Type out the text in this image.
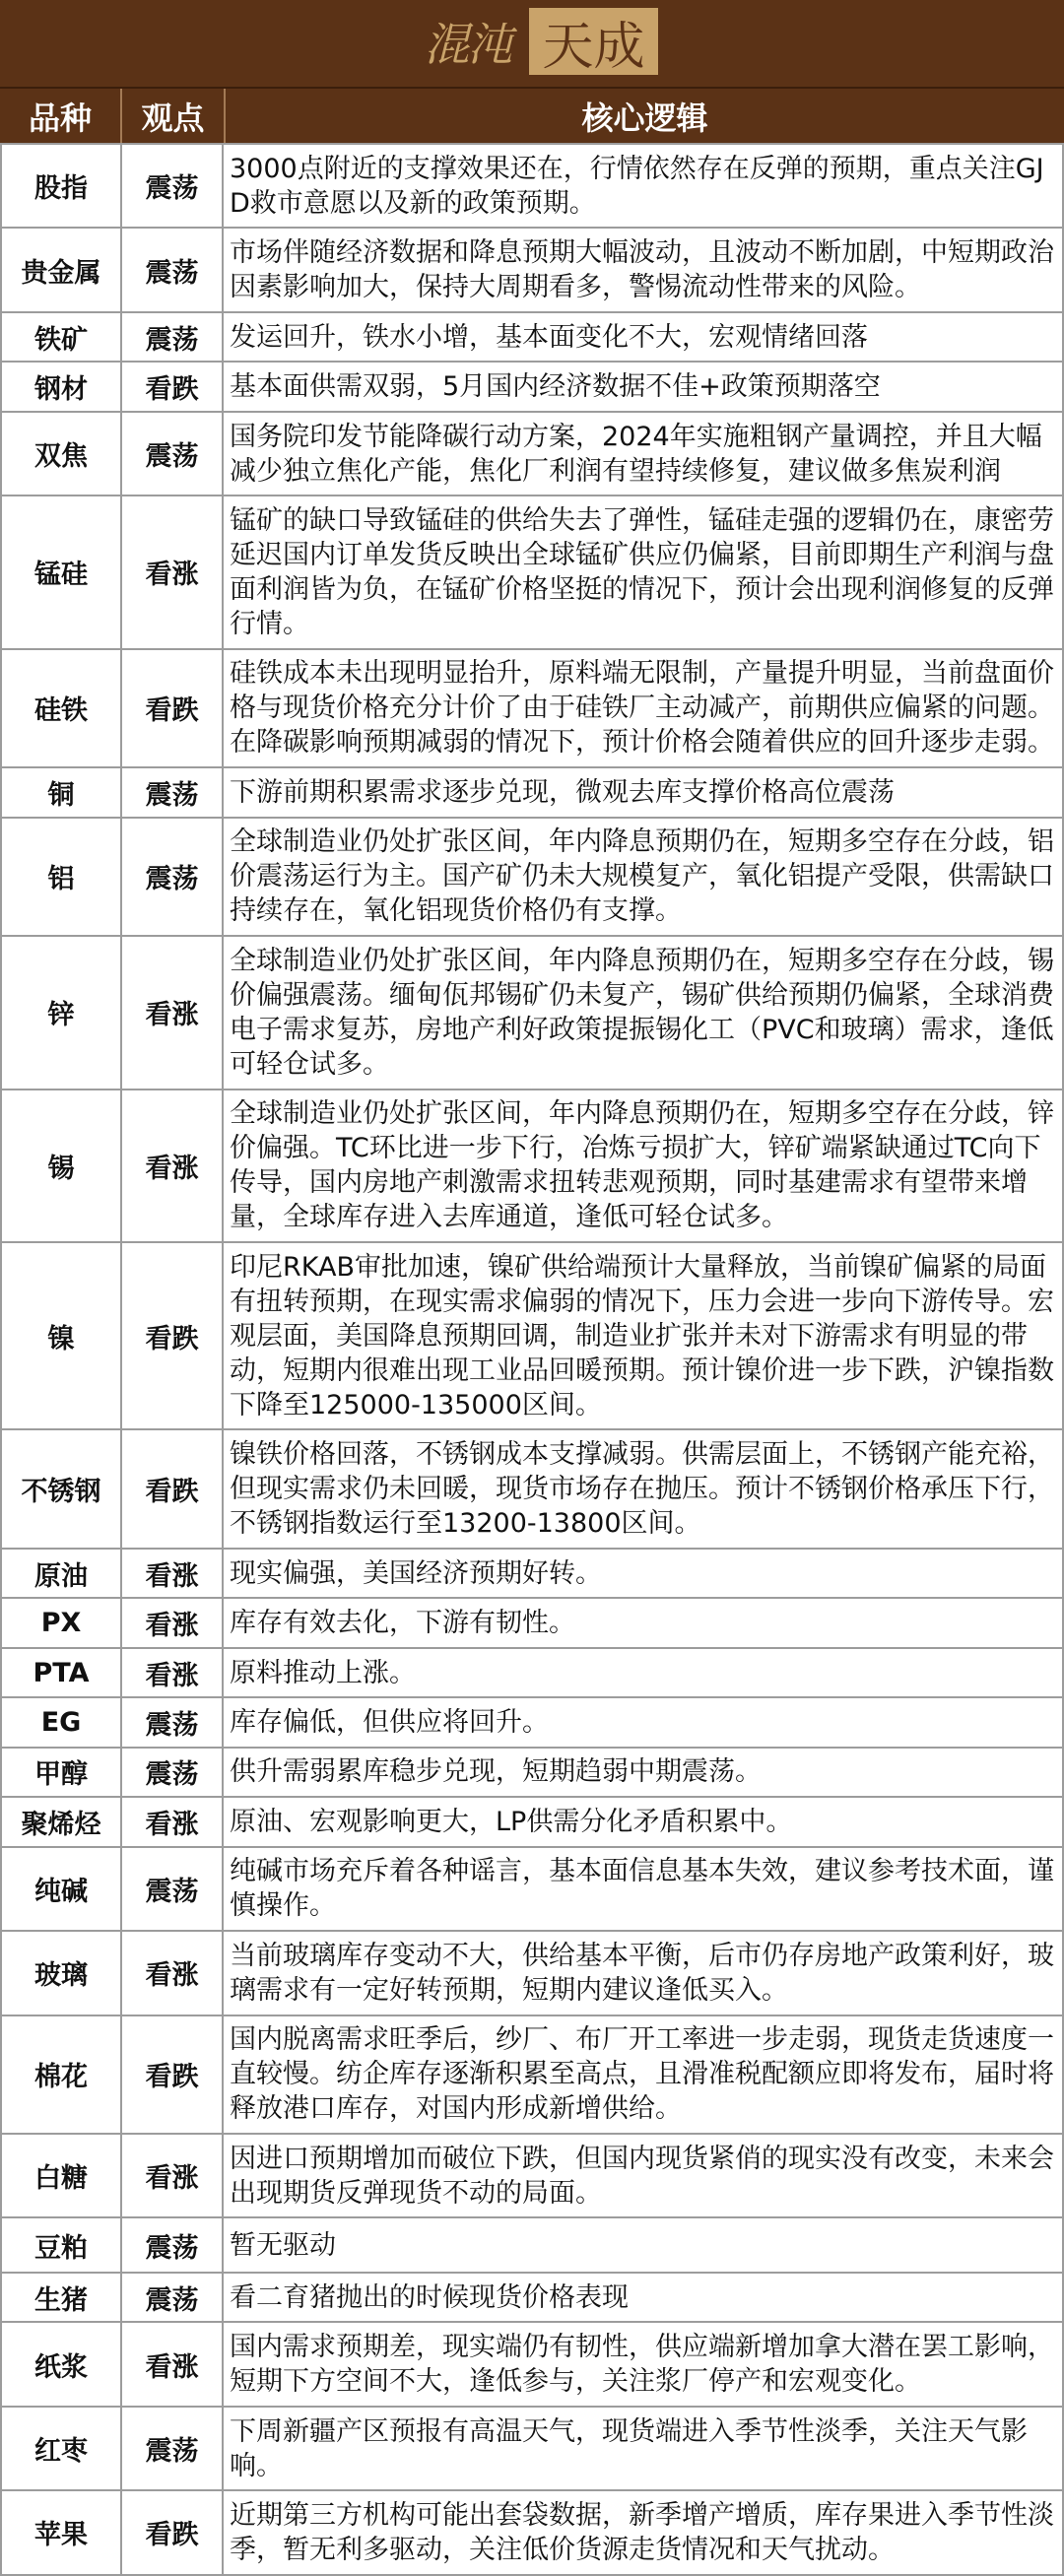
混沌 天成
品种	观点	核心逻辑
股指	震荡	3000点附近的支撑效果还在，行情依然存在反弹的预期，重点关注GJD救市意愿以及新的政策预期。
贵金属	震荡	市场伴随经济数据和降息预期大幅波动，且波动不断加剧，中短期政治因素影响加大，保持大周期看多，警惕流动性带来的风险。
铁矿	震荡	发运回升，铁水小增，基本面变化不大，宏观情绪回落
钢材	看跌	基本面供需双弱，5月国内经济数据不佳+政策预期落空
双焦	震荡	国务院印发节能降碳行动方案，2024年实施粗钢产量调控，并且大幅减少独立焦化产能，焦化厂利润有望持续修复，建议做多焦炭利润
锰硅	看涨	锰矿的缺口导致锰硅的供给失去了弹性，锰硅走强的逻辑仍在，康密劳延迟国内订单发货反映出全球锰矿供应仍偏紧，目前即期生产利润与盘面利润皆为负，在锰矿价格坚挺的情况下，预计会出现利润修复的反弹行情。
硅铁	看跌	硅铁成本未出现明显抬升，原料端无限制，产量提升明显，当前盘面价格与现货价格充分计价了由于硅铁厂主动减产，前期供应偏紧的问题。在降碳影响预期减弱的情况下，预计价格会随着供应的回升逐步走弱。
铜	震荡	下游前期积累需求逐步兑现，微观去库支撑价格高位震荡
铝	震荡	全球制造业仍处扩张区间，年内降息预期仍在，短期多空存在分歧，铝价震荡运行为主。国产矿仍未大规模复产，氧化铝提产受限，供需缺口持续存在，氧化铝现货价格仍有支撑。
锌	看涨	全球制造业仍处扩张区间，年内降息预期仍在，短期多空存在分歧，锡价偏强震荡。缅甸佤邦锡矿仍未复产，锡矿供给预期仍偏紧，全球消费电子需求复苏，房地产利好政策提振锡化工（PVC和玻璃）需求，逢低可轻仓试多。
锡	看涨	全球制造业仍处扩张区间，年内降息预期仍在，短期多空存在分歧，锌价偏强。TC环比进一步下行，冶炼亏损扩大，锌矿端紧缺通过TC向下传导，国内房地产刺激需求扭转悲观预期，同时基建需求有望带来增量，全球库存进入去库通道，逢低可轻仓试多。
镍	看跌	印尼RKAB审批加速，镍矿供给端预计大量释放，当前镍矿偏紧的局面有扭转预期，在现实需求偏弱的情况下，压力会进一步向下游传导。宏观层面，美国降息预期回调，制造业扩张并未对下游需求有明显的带动，短期内很难出现工业品回暖预期。预计镍价进一步下跌，沪镍指数下降至125000-135000区间。
不锈钢	看跌	镍铁价格回落，不锈钢成本支撑减弱。供需层面上，不锈钢产能充裕，但现实需求仍未回暖，现货市场存在抛压。预计不锈钢价格承压下行，不锈钢指数运行至13200-13800区间。
原油	看涨	现实偏强，美国经济预期好转。
PX	看涨	库存有效去化，下游有韧性。
PTA	看涨	原料推动上涨。
EG	震荡	库存偏低，但供应将回升。
甲醇	震荡	供升需弱累库稳步兑现，短期趋弱中期震荡。
聚烯烃	看涨	原油、宏观影响更大，LP供需分化矛盾积累中。
纯碱	震荡	纯碱市场充斥着各种谣言，基本面信息基本失效，建议参考技术面，谨慎操作。
玻璃	看涨	当前玻璃库存变动不大，供给基本平衡，后市仍存房地产政策利好，玻璃需求有一定好转预期，短期内建议逢低买入。
棉花	看跌	国内脱离需求旺季后，纱厂、布厂开工率进一步走弱，现货走货速度一直较慢。纺企库存逐渐积累至高点，且滑准税配额应即将发布，届时将释放港口库存，对国内形成新增供给。
白糖	看涨	因进口预期增加而破位下跌，但国内现货紧俏的现实没有改变，未来会出现期货反弹现货不动的局面。
豆粕	震荡	暂无驱动
生猪	震荡	看二育猪抛出的时候现货价格表现
纸浆	看涨	国内需求预期差，现实端仍有韧性，供应端新增加拿大潜在罢工影响，短期下方空间不大，逢低参与，关注浆厂停产和宏观变化。
红枣	震荡	下周新疆产区预报有高温天气，现货端进入季节性淡季，关注天气影响。
苹果	看跌	近期第三方机构可能出套袋数据，新季增产增质，库存果进入季节性淡季，暂无利多驱动，关注低价货源走货情况和天气扰动。
